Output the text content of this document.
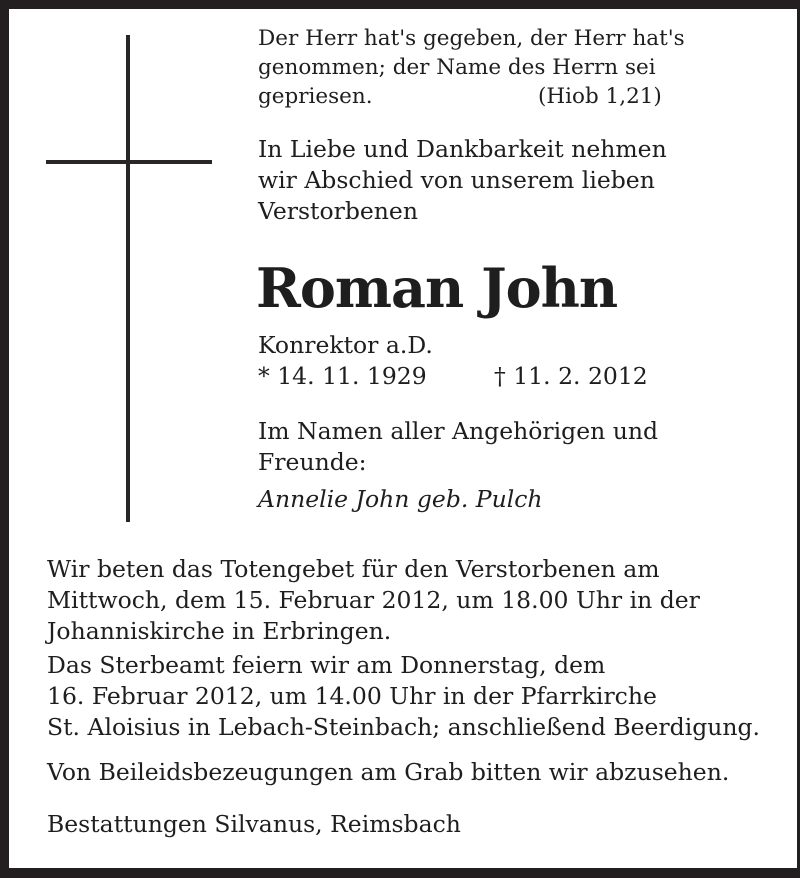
Der Herr hat's gegeben, der Herr hat's
genommen; der Name des Herrn sei
gepriesen.	(Hiob 1,21)
In Liebe und Dankbarkeit nehmen
wir Abschied von unserem lieben
Verstorbenen
Roman John
Konrektor a.D.
* 14. 11. 1929	† 11. 2. 2012
Im Namen aller Angehörigen und
Freunde:
Annelie John geb. Pulch
Wir beten das Totengebet für den Verstorbenen am
Mittwoch, dem 15. Februar 2012, um 18.00 Uhr in der
Johanniskirche in Erbringen.
Das Sterbeamt feiern wir am Donnerstag, dem
16. Februar 2012, um 14.00 Uhr in der Pfarrkirche
St. Aloisius in Lebach-Steinbach; anschließend Beerdigung.
Von Beileidsbezeugungen am Grab bitten wir abzusehen.
Bestattungen Silvanus, Reimsbach
